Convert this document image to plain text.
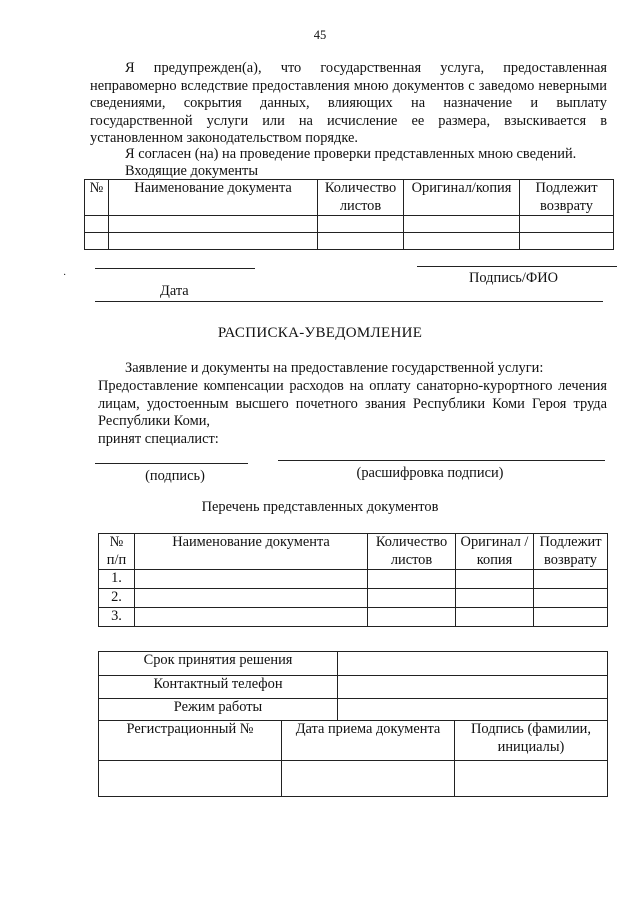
45
Я предупрежден(а), что государственная услуга, предоставленная неправомерно вследствие предоставления мною документов с заведомо неверными сведениями, сокрытия данных, влияющих на назначение и выплату государственной услуги или на исчисление ее размера, взыскивается в установленном законодательством порядке.
Я согласен (на) на проведение проверки представленных мною сведений.
Входящие документы
№	Наименование документа	Количество листов	Оригинал/копия	Подлежит возврату

·	Подпись/ФИО
Дата
РАСПИСКА-УВЕДОМЛЕНИЕ
Заявление и документы на предоставление государственной услуги:
Предоставление компенсации расходов на оплату санаторно-курортного лечения лицам, удостоенным высшего почетного звания Республики Коми Героя труда Республики Коми,
принят специалист:
(подпись)	(расшифровка подписи)
Перечень представленных документов
№ п/п	Наименование документа	Количество листов	Оригинал /копия	Подлежит возврату
1.				
2.				
3.				
Срок принятия решения			
Контактный телефон			
Режим работы			
Регистрационный №	Дата приема документа		Подпись (фамилии, инициалы)
